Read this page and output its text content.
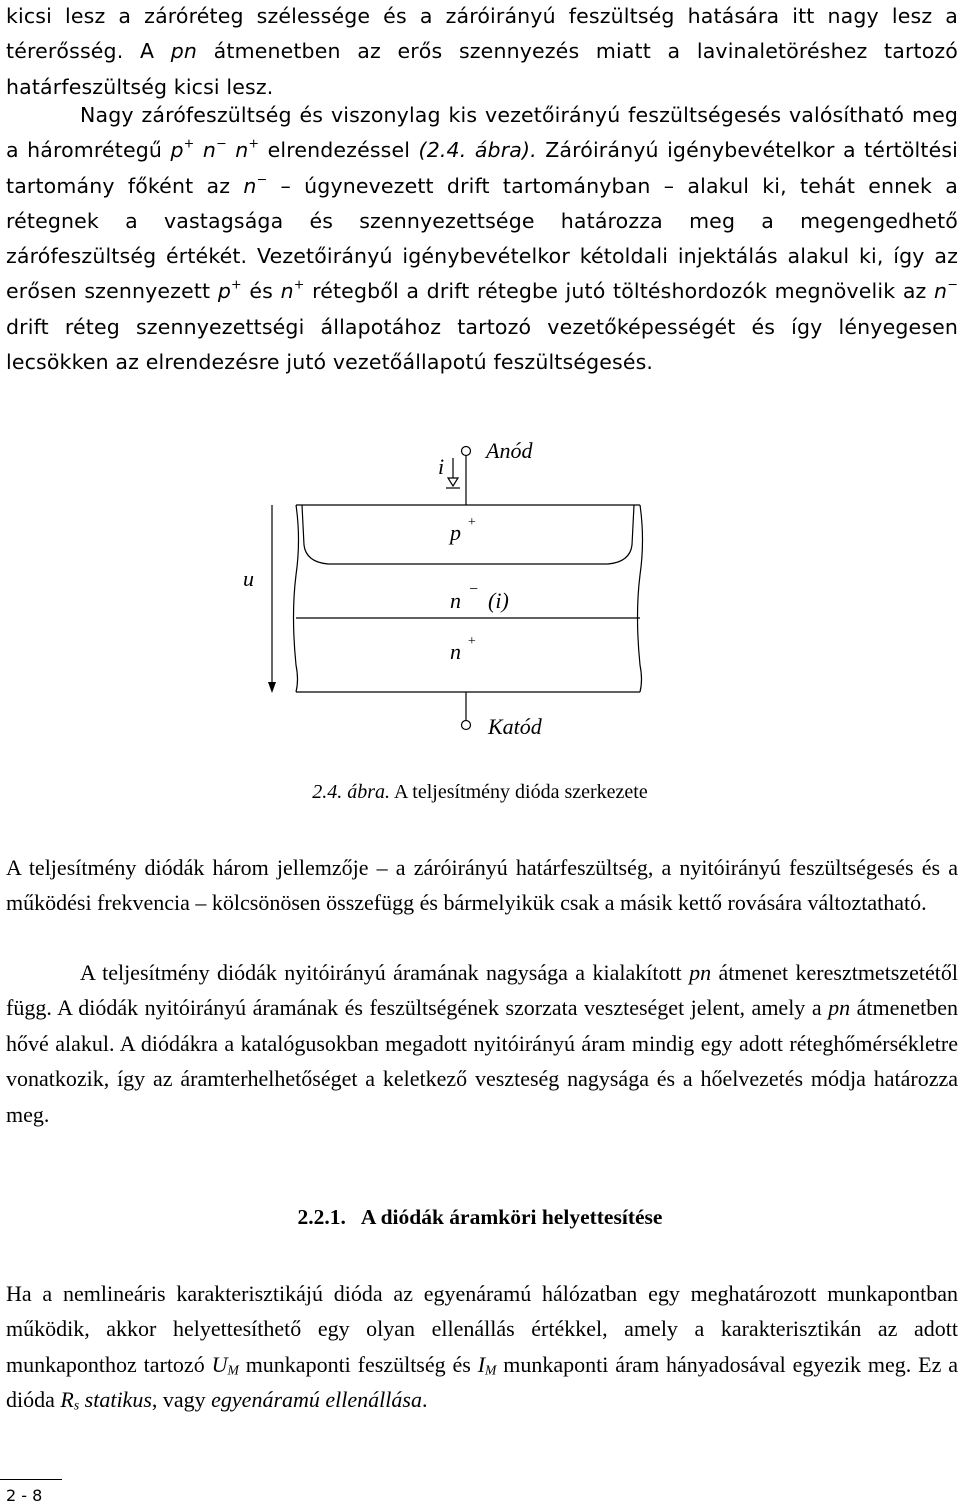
kicsi lesz a záróréteg szélessége és a záróirányú feszültség hatására itt nagy lesz a térerősség. A pn átmenetben az erős szennyezés miatt a lavinaletöréshez tartozó határfeszültség kicsi lesz.
Nagy zárófeszültség és viszonylag kis vezetőirányú feszültségesés valósítható meg a háromrétegű p+ n− n+ elrendezéssel (2.4. ábra). Záróirányú igénybevételkor a tértöltési tartomány főként az n− – úgynevezett drift tartományban – alakul ki, tehát ennek a rétegnek a vastagsága és szennyezettsége határozza meg a megengedhető zárófeszültség értékét. Vezetőirányú igénybevételkor kétoldali injektálás alakul ki, így az erősen szennyezett p+ és n+ rétegből a drift rétegbe jutó töltéshordozók megnövelik az n− drift réteg szennyezettségi állapotához tartozó vezetőképességét és így lényegesen lecsökken az elrendezésre jutó vezetőállapotú feszültségesés.
i
Anód
u
p +
n − (i)
n +
Katód
2.4. ábra. A teljesítmény dióda szerkezete
A teljesítmény diódák három jellemzője – a záróirányú határfeszültség, a nyitóirányú feszültségesés és a működési frekvencia – kölcsönösen összefügg és bármelyikük csak a másik kettő rovására változtatható.
A teljesítmény diódák nyitóirányú áramának nagysága a kialakított pn átmenet keresztmetszetétől függ. A diódák nyitóirányú áramának és feszültségének szorzata veszteséget jelent, amely a pn átmenetben hővé alakul. A diódákra a katalógusokban megadott nyitóirányú áram mindig egy adott réteghőmérsékletre vonatkozik, így az áramterhelhetőséget a keletkező veszteség nagysága és a hőelvezetés módja határozza meg.
2.2.1.   A diódák áramköri helyettesítése
Ha a nemlineáris karakterisztikájú dióda az egyenáramú hálózatban egy meghatározott munkapontban működik, akkor helyettesíthető egy olyan ellenállás értékkel, amely a karakterisztikán az adott munkaponthoz tartozó $U_M$ munkaponti feszültség és $I_M$ munkaponti áram hányadosával egyezik meg. Ez a dióda $R_s$ statikus, vagy egyenáramú ellenállása.
2 - 8
